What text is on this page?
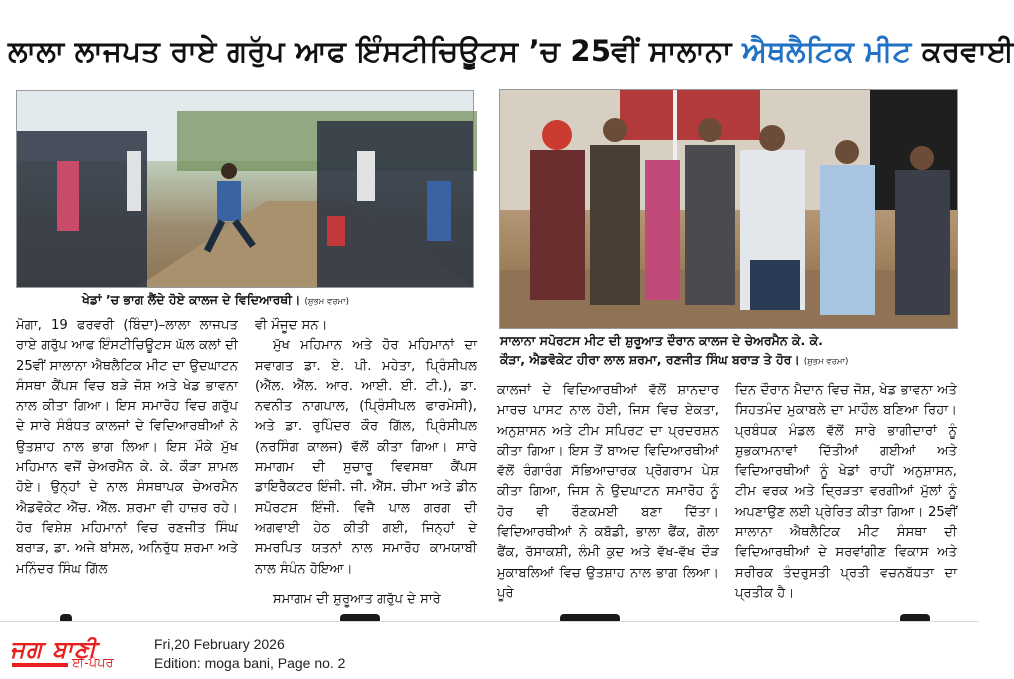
ਲਾਲਾ ਲਾਜਪਤ ਰਾਏ ਗਰੁੱਪ ਆਫ ਇੰਸਟੀਚਿਊਟਸ ’ਚ 25ਵੀਂ ਸਾਲਾਨਾ ਐਥਲੈਟਿਕ ਮੀਟ ਕਰਵਾਈ
ਖੇਡਾਂ ’ਚ ਭਾਗ ਲੈਂਦੇ ਹੋਏ ਕਾਲਜ ਦੇ ਵਿਦਿਆਰਥੀ। (ਸ਼ੁਭਮ ਵਰਮਾ)
ਸਾਲਾਨਾ ਸਪੋਰਟਸ ਮੀਟ ਦੀ ਸ਼ੁਰੂਆਤ ਦੌਰਾਨ ਕਾਲਜ ਦੇ ਚੇਅਰਮੈਨ ਕੇ. ਕੇ.
ਕੌੜਾ, ਐਡਵੋਕੇਟ ਹੀਰਾ ਲਾਲ ਸ਼ਰਮਾ, ਰਣਜੀਤ ਸਿੰਘ ਬਰਾੜ ਤੇ ਹੋਰ। (ਸ਼ੁਭਮ ਵਰਮਾ)

ਮੋਗਾ, 19 ਫਰਵਰੀ (ਬਿੰਦਾ)–ਲਾਲਾ ਲਾਜਪਤ ਰਾਏ ਗਰੁੱਪ ਆਫ ਇੰਸਟੀਚਿਊਟਸ ਘੱਲ ਕਲਾਂ ਦੀ 25ਵੀਂ ਸਾਲਾਨਾ ਐਥਲੈਟਿਕ ਮੀਟ ਦਾ ਉਦਘਾਟਨ ਸੰਸਥਾ ਕੈਂਪਸ ਵਿਚ ਬੜੇ ਜੋਸ਼ ਅਤੇ ਖੇਡ ਭਾਵਨਾ ਨਾਲ ਕੀਤਾ ਗਿਆ। ਇਸ ਸਮਾਰੋਹ ਵਿਚ ਗਰੁੱਪ ਦੇ ਸਾਰੇ ਸੰਬੰਧਤ ਕਾਲਜਾਂ ਦੇ ਵਿਦਿਆਰਥੀਆਂ ਨੇ ਉਤਸ਼ਾਹ ਨਾਲ ਭਾਗ ਲਿਆ। ਇਸ ਮੌਕੇ ਮੁੱਖ ਮਹਿਮਾਨ ਵਜੋਂ ਚੇਅਰਮੈਨ ਕੇ. ਕੇ. ਕੌੜਾ ਸ਼ਾਮਲ ਹੋਏ। ਉਨ੍ਹਾਂ ਦੇ ਨਾਲ ਸੰਸਥਾਪਕ ਚੇਅਰਮੈਨ ਐਡਵੋਕੇਟ ਐੱਚ. ਐੱਲ. ਸ਼ਰਮਾ ਵੀ ਹਾਜ਼ਰ ਰਹੇ। ਹੋਰ ਵਿਸ਼ੇਸ਼ ਮਹਿਮਾਨਾਂ ਵਿਚ ਰਣਜੀਤ ਸਿੰਘ ਬਰਾੜ, ਡਾ. ਅਜੇ ਬਾਂਸਲ, ਅਨਿਰੁੱਧ ਸ਼ਰਮਾ ਅਤੇ ਮਨਿੰਦਰ ਸਿੰਘ ਗਿੱਲ

ਵੀ ਮੌਜੂਦ ਸਨ।

ਮੁੱਖ ਮਹਿਮਾਨ ਅਤੇ ਹੋਰ ਮਹਿਮਾਨਾਂ ਦਾ ਸਵਾਗਤ ਡਾ. ਏ. ਪੀ. ਮਹੇਤਾ, ਪ੍ਰਿੰਸੀਪਲ (ਐੱਲ. ਐੱਲ. ਆਰ. ਆਈ. ਈ. ਟੀ.), ਡਾ. ਨਵਨੀਤ ਨਾਗਪਾਲ, (ਪ੍ਰਿੰਸੀਪਲ ਫਾਰਮੇਸੀ), ਅਤੇ ਡਾ. ਰੁਪਿੰਦਰ ਕੌਰ ਗਿੱਲ, ਪ੍ਰਿੰਸੀਪਲ (ਨਰਸਿੰਗ ਕਾਲਜ) ਵੱਲੋਂ ਕੀਤਾ ਗਿਆ। ਸਾਰੇ ਸਮਾਗਮ ਦੀ ਸੁਚਾਰੂ ਵਿਵਸਥਾ ਕੈਂਪਸ ਡਾਇਰੈਕਟਰ ਇੰਜੀ. ਜੀ. ਐੱਸ. ਚੀਮਾ ਅਤੇ ਡੀਨ ਸਪੋਰਟਸ ਇੰਜੀ. ਵਿਜੈ ਪਾਲ ਗਰਗ ਦੀ ਅਗਵਾਈ ਹੇਠ ਕੀਤੀ ਗਈ, ਜਿਨ੍ਹਾਂ ਦੇ ਸਮਰਪਿਤ ਯਤਨਾਂ ਨਾਲ ਸਮਾਰੋਹ ਕਾਮਯਾਬੀ ਨਾਲ ਸੰਪੰਨ ਹੋਇਆ।

ਸਮਾਗਮ ਦੀ ਸ਼ੁਰੂਆਤ ਗਰੁੱਪ ਦੇ ਸਾਰੇ

ਕਾਲਜਾਂ ਦੇ ਵਿਦਿਆਰਥੀਆਂ ਵੱਲੋਂ ਸ਼ਾਨਦਾਰ ਮਾਰਚ ਪਾਸਟ ਨਾਲ ਹੋਈ, ਜਿਸ ਵਿਚ ਏਕਤਾ, ਅਨੁਸ਼ਾਸਨ ਅਤੇ ਟੀਮ ਸਪਿਰਟ ਦਾ ਪ੍ਰਦਰਸ਼ਨ ਕੀਤਾ ਗਿਆ। ਇਸ ਤੋਂ ਬਾਅਦ ਵਿਦਿਆਰਥੀਆਂ ਵੱਲੋਂ ਰੰਗਾਰੰਗ ਸੱਭਿਆਚਾਰਕ ਪ੍ਰੋਗਰਾਮ ਪੇਸ਼ ਕੀਤਾ ਗਿਆ, ਜਿਸ ਨੇ ਉਦਘਾਟਨ ਸਮਾਰੋਹ ਨੂੰ ਹੋਰ ਵੀ ਰੌਣਕਮਈ ਬਣਾ ਦਿੱਤਾ। ਵਿਦਿਆਰਥੀਆਂ ਨੇ ਕਬੱਡੀ, ਭਾਲਾ ਫੈਂਕ, ਗੋਲਾ ਫੈਂਕ, ਰੱਸਾਕਸ਼ੀ, ਲੰਮੀ ਕੁਦ ਅਤੇ ਵੱਖ-ਵੱਖ ਦੌੜ ਮੁਕਾਬਲਿਆਂ ਵਿਚ ਉਤਸ਼ਾਹ ਨਾਲ ਭਾਗ ਲਿਆ। ਪੂਰੇ

ਦਿਨ ਦੌਰਾਨ ਮੈਦਾਨ ਵਿਚ ਜੋਸ਼, ਖੇਡ ਭਾਵਨਾ ਅਤੇ ਸਿਹਤਮੰਦ ਮੁਕਾਬਲੇ ਦਾ ਮਾਹੌਲ ਬਣਿਆ ਰਿਹਾ। ਪ੍ਰਬੰਧਕ ਮੰਡਲ ਵੱਲੋਂ ਸਾਰੇ ਭਾਗੀਦਾਰਾਂ ਨੂੰ ਸ਼ੁਭਕਾਮਨਾਵਾਂ ਦਿੱਤੀਆਂ ਗਈਆਂ ਅਤੇ ਵਿਦਿਆਰਥੀਆਂ ਨੂੰ ਖੇਡਾਂ ਰਾਹੀਂ ਅਨੁਸ਼ਾਸਨ, ਟੀਮ ਵਰਕ ਅਤੇ ਦ੍ਰਿੜਤਾ ਵਰਗੀਆਂ ਮੁੱਲਾਂ ਨੂੰ ਅਪਣਾਉਣ ਲਈ ਪ੍ਰੇਰਿਤ ਕੀਤਾ ਗਿਆ। 25ਵੀਂ ਸਾਲਾਨਾ ਐਥਲੈਟਿਕ ਮੀਟ ਸੰਸਥਾ ਦੀ ਵਿਦਿਆਰਥੀਆਂ ਦੇ ਸਰਵਾਂਗੀਣ ਵਿਕਾਸ ਅਤੇ ਸਰੀਰਕ ਤੰਦਰੁਸਤੀ ਪ੍ਰਤੀ ਵਚਨਬੱਧਤਾ ਦਾ ਪ੍ਰਤੀਕ ਹੈ।

ਜਗ ਬਾਣੀ
ਈ-ਪੇਪਰ
Fri,20 February 2026
Edition: moga bani, Page no. 2
